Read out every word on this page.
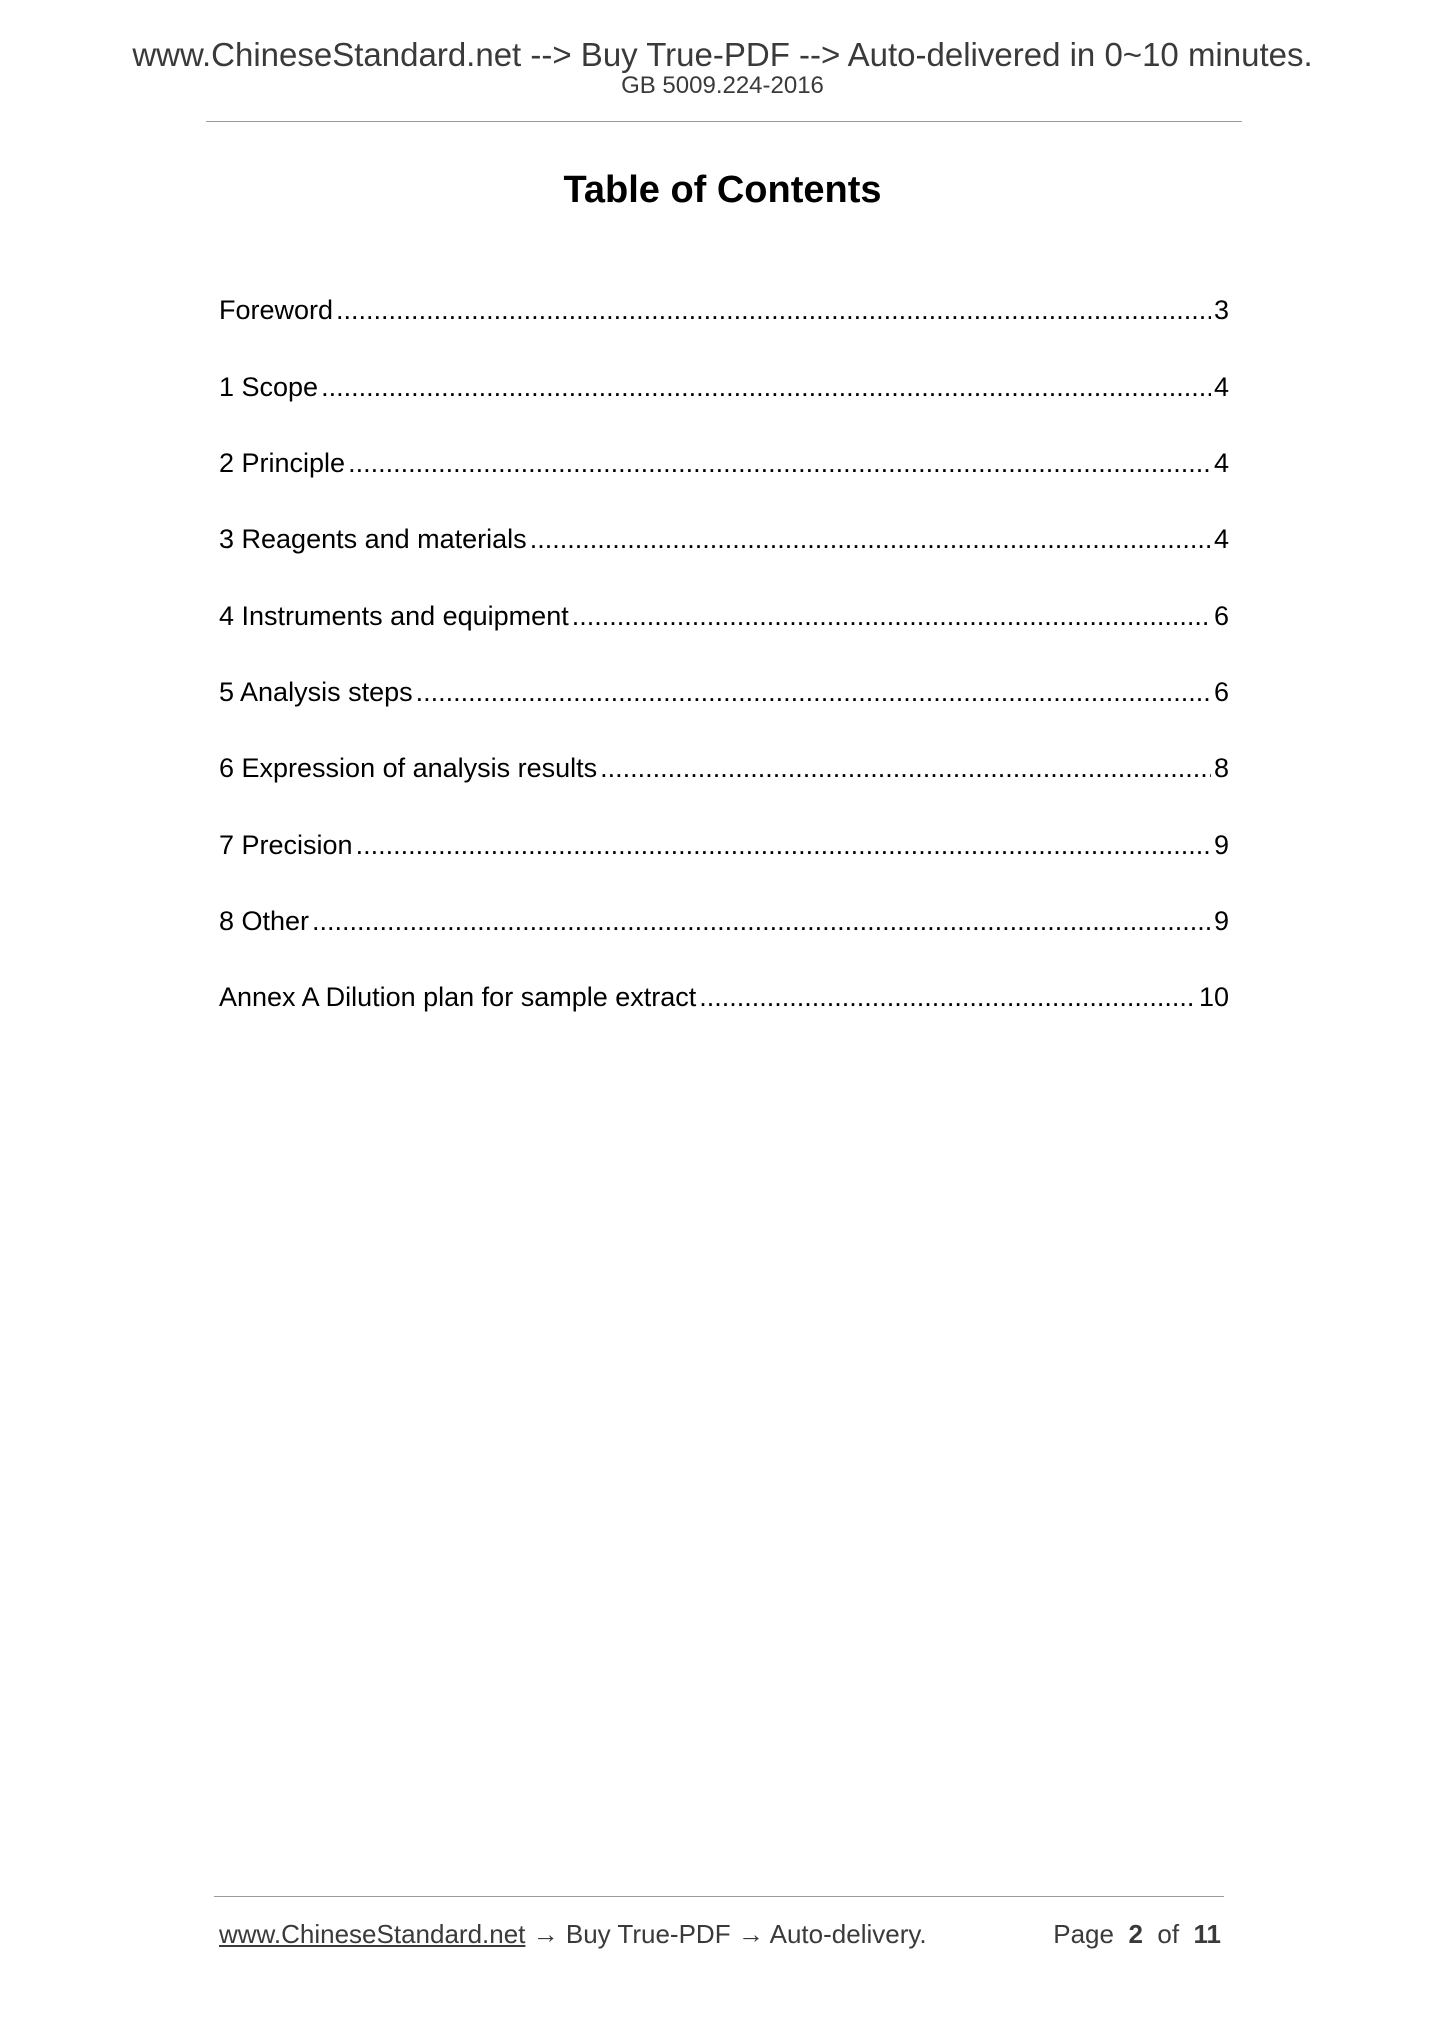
www.ChineseStandard.net --> Buy True-PDF --> Auto-delivered in 0~10 minutes.
GB 5009.224-2016
Table of Contents
Foreword .....	3
1 Scope .....	4
2 Principle .....	4
3 Reagents and materials .....	4
4 Instruments and equipment .....	6
5 Analysis steps .....	6
6 Expression of analysis results .....	8
7 Precision .....	9
8 Other .....	9
Annex A Dilution plan for sample extract .....	10
www.ChineseStandard.net → Buy True-PDF → Auto-delivery.	Page 2 of 11
